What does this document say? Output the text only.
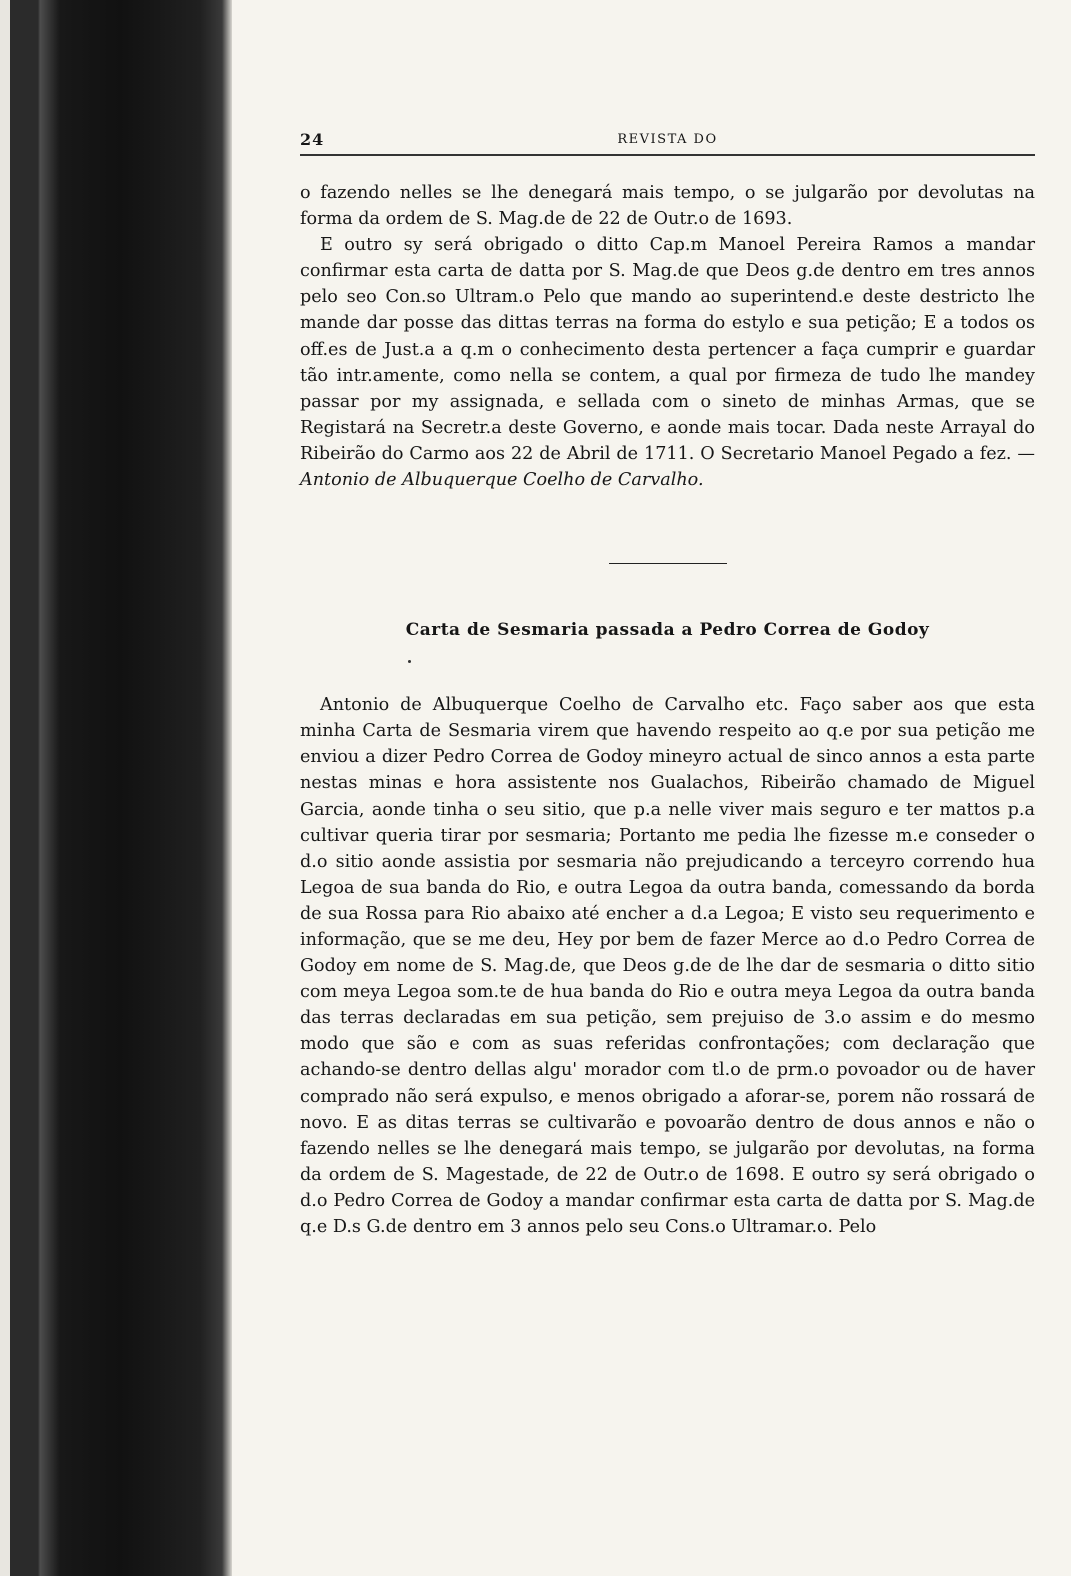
24	REVISTA DO

o fazendo nelles se lhe denegará mais tempo, o se julgarão por devolutas na forma da ordem de S. Mag.de de 22 de Outr.o de 1693.

E outro sy será obrigado o ditto Cap.m Manoel Pereira Ramos a mandar confirmar esta carta de datta por S. Mag.de que Deos g.de dentro em tres annos pelo seo Con.so Ultram.o Pelo que mando ao superintend.e deste destricto lhe mande dar posse das dittas terras na forma do estylo e sua petição; E a todos os off.es de Just.a a q.m o conhecimento desta pertencer a faça cumprir e guardar tão intr.amente, como nella se contem, a qual por firmeza de tudo lhe mandey passar por my assignada, e sellada com o sineto de minhas Armas, que se Registará na Secretr.a deste Governo, e aonde mais tocar. Dada neste Arrayal do Ribeirão do Carmo aos 22 de Abril de 1711. O Secretario Manoel Pegado a fez. — Antonio de Albuquerque Coelho de Carvalho.

Carta de Sesmaria passada a Pedro Correa de Godoy

Antonio de Albuquerque Coelho de Carvalho etc. Faço saber aos que esta minha Carta de Sesmaria virem que havendo respeito ao q.e por sua petição me enviou a dizer Pedro Correa de Godoy mineyro actual de sinco annos a esta parte nestas minas e hora assistente nos Gualachos, Ribeirão chamado de Miguel Garcia, aonde tinha o seu sitio, que p.a nelle viver mais seguro e ter mattos p.a cultivar queria tirar por sesmaria; Portanto me pedia lhe fizesse m.e conseder o d.o sitio aonde assistia por sesmaria não prejudicando a terceyro correndo hua Legoa de sua banda do Rio, e outra Legoa da outra banda, comessando da borda de sua Rossa para Rio abaixo até encher a d.a Legoa; E visto seu requerimento e informação, que se me deu, Hey por bem de fazer Merce ao d.o Pedro Correa de Godoy em nome de S. Mag.de, que Deos g.de de lhe dar de sesmaria o ditto sitio com meya Legoa som.te de hua banda do Rio e outra meya Legoa da outra banda das terras declaradas em sua petição, sem prejuiso de 3.o assim e do mesmo modo que são e com as suas referidas confrontações; com declaração que achando-se dentro dellas algu' morador com tl.o de prm.o povoador ou de haver comprado não será expulso, e menos obrigado a aforar-se, porem não rossará de novo. E as ditas terras se cultivarão e povoarão dentro de dous annos e não o fazendo nelles se lhe denegará mais tempo, se julgarão por devolutas, na forma da ordem de S. Magestade, de 22 de Outr.o de 1698. E outro sy será obrigado o d.o Pedro Correa de Godoy a mandar confirmar esta carta de datta por S. Mag.de q.e D.s G.de dentro em 3 annos pelo seu Cons.o Ultramar.o. Pelo
